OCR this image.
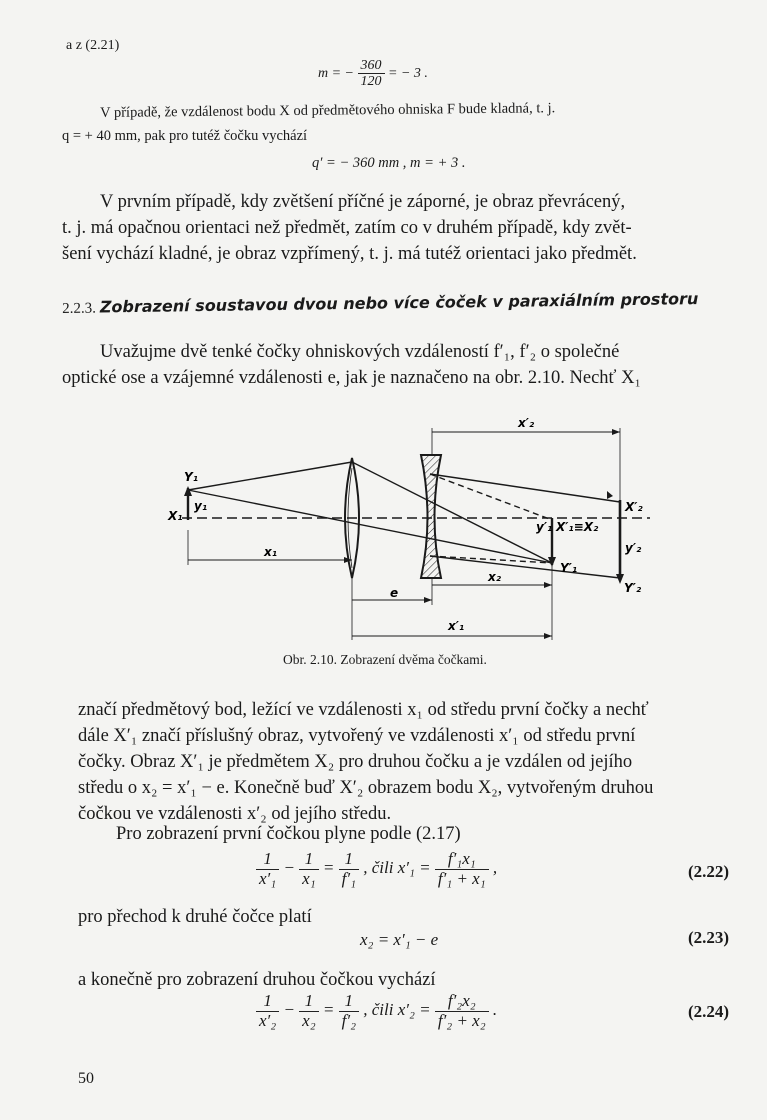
a z (2.21)
m = − $\frac{360}{120}$ = − 3 .
V případě, že vzdálenost bodu X od předmětového ohniska F bude kladná, t. j.
q = + 40 mm, pak pro tutéž čočku vychází
q′ = − 360 mm , m = + 3 .
V prvním případě, kdy zvětšení příčné je záporné, je obraz převrácený,
t. j. má opačnou orientaci než předmět, zatím co v druhém případě, kdy zvět-
šení vychází kladné, je obraz vzpřímený, t. j. má tutéž orientaci jako předmět.
2.2.3. Zobrazení soustavou dvou nebo více čoček v paraxiálním prostoru
Uvažujme dvě tenké čočky ohniskových vzdáleností f′₁, f′₂ o společné
optické ose a vzájemné vzdálenosti e, jak je naznačeno na obr. 2.10. Nechť X₁
Y₁
y₁
X₁
x₁
e
x₂
x′₁
x′₂
y′₁ X′₁≡X₂
Y′₁
X′₂
y′₂
Y′₂
Obr. 2.10. Zobrazení dvěma čočkami.
značí předmětový bod, ležící ve vzdálenosti x₁ od středu první čočky a nechť
dále X′₁ značí příslušný obraz, vytvořený ve vzdálenosti x′₁ od středu první
čočky. Obraz X′₁ je předmětem X₂ pro druhou čočku a je vzdálen od jejího
středu o x₂ = x′₁ − e. Konečně buď X′₂ obrazem bodu X₂, vytvořeným druhou
čočkou ve vzdálenosti x′₂ od jejího středu.
Pro zobrazení první čočkou plyne podle (2.17)
$\frac{1}{\text{x′₁}} - \frac{1}{\text{x₁}} = \frac{1}{\text{f′₁}}$ , čili $x'_1 = \frac{\text{f′₁x₁}}{\text{f′₁ + x₁}}$ ,	(2.22)
pro přechod k druhé čočce platí
x₂ = x′₁ − e	(2.23)
a konečně pro zobrazení druhou čočkou vychází
$\frac{1}{\text{x′₂}} - \frac{1}{\text{x₂}} = \frac{1}{\text{f′₂}}$ , čili $x'_2 = \frac{\text{f′₂x₂}}{\text{f′₂ + x₂}}$ .	(2.24)
50
